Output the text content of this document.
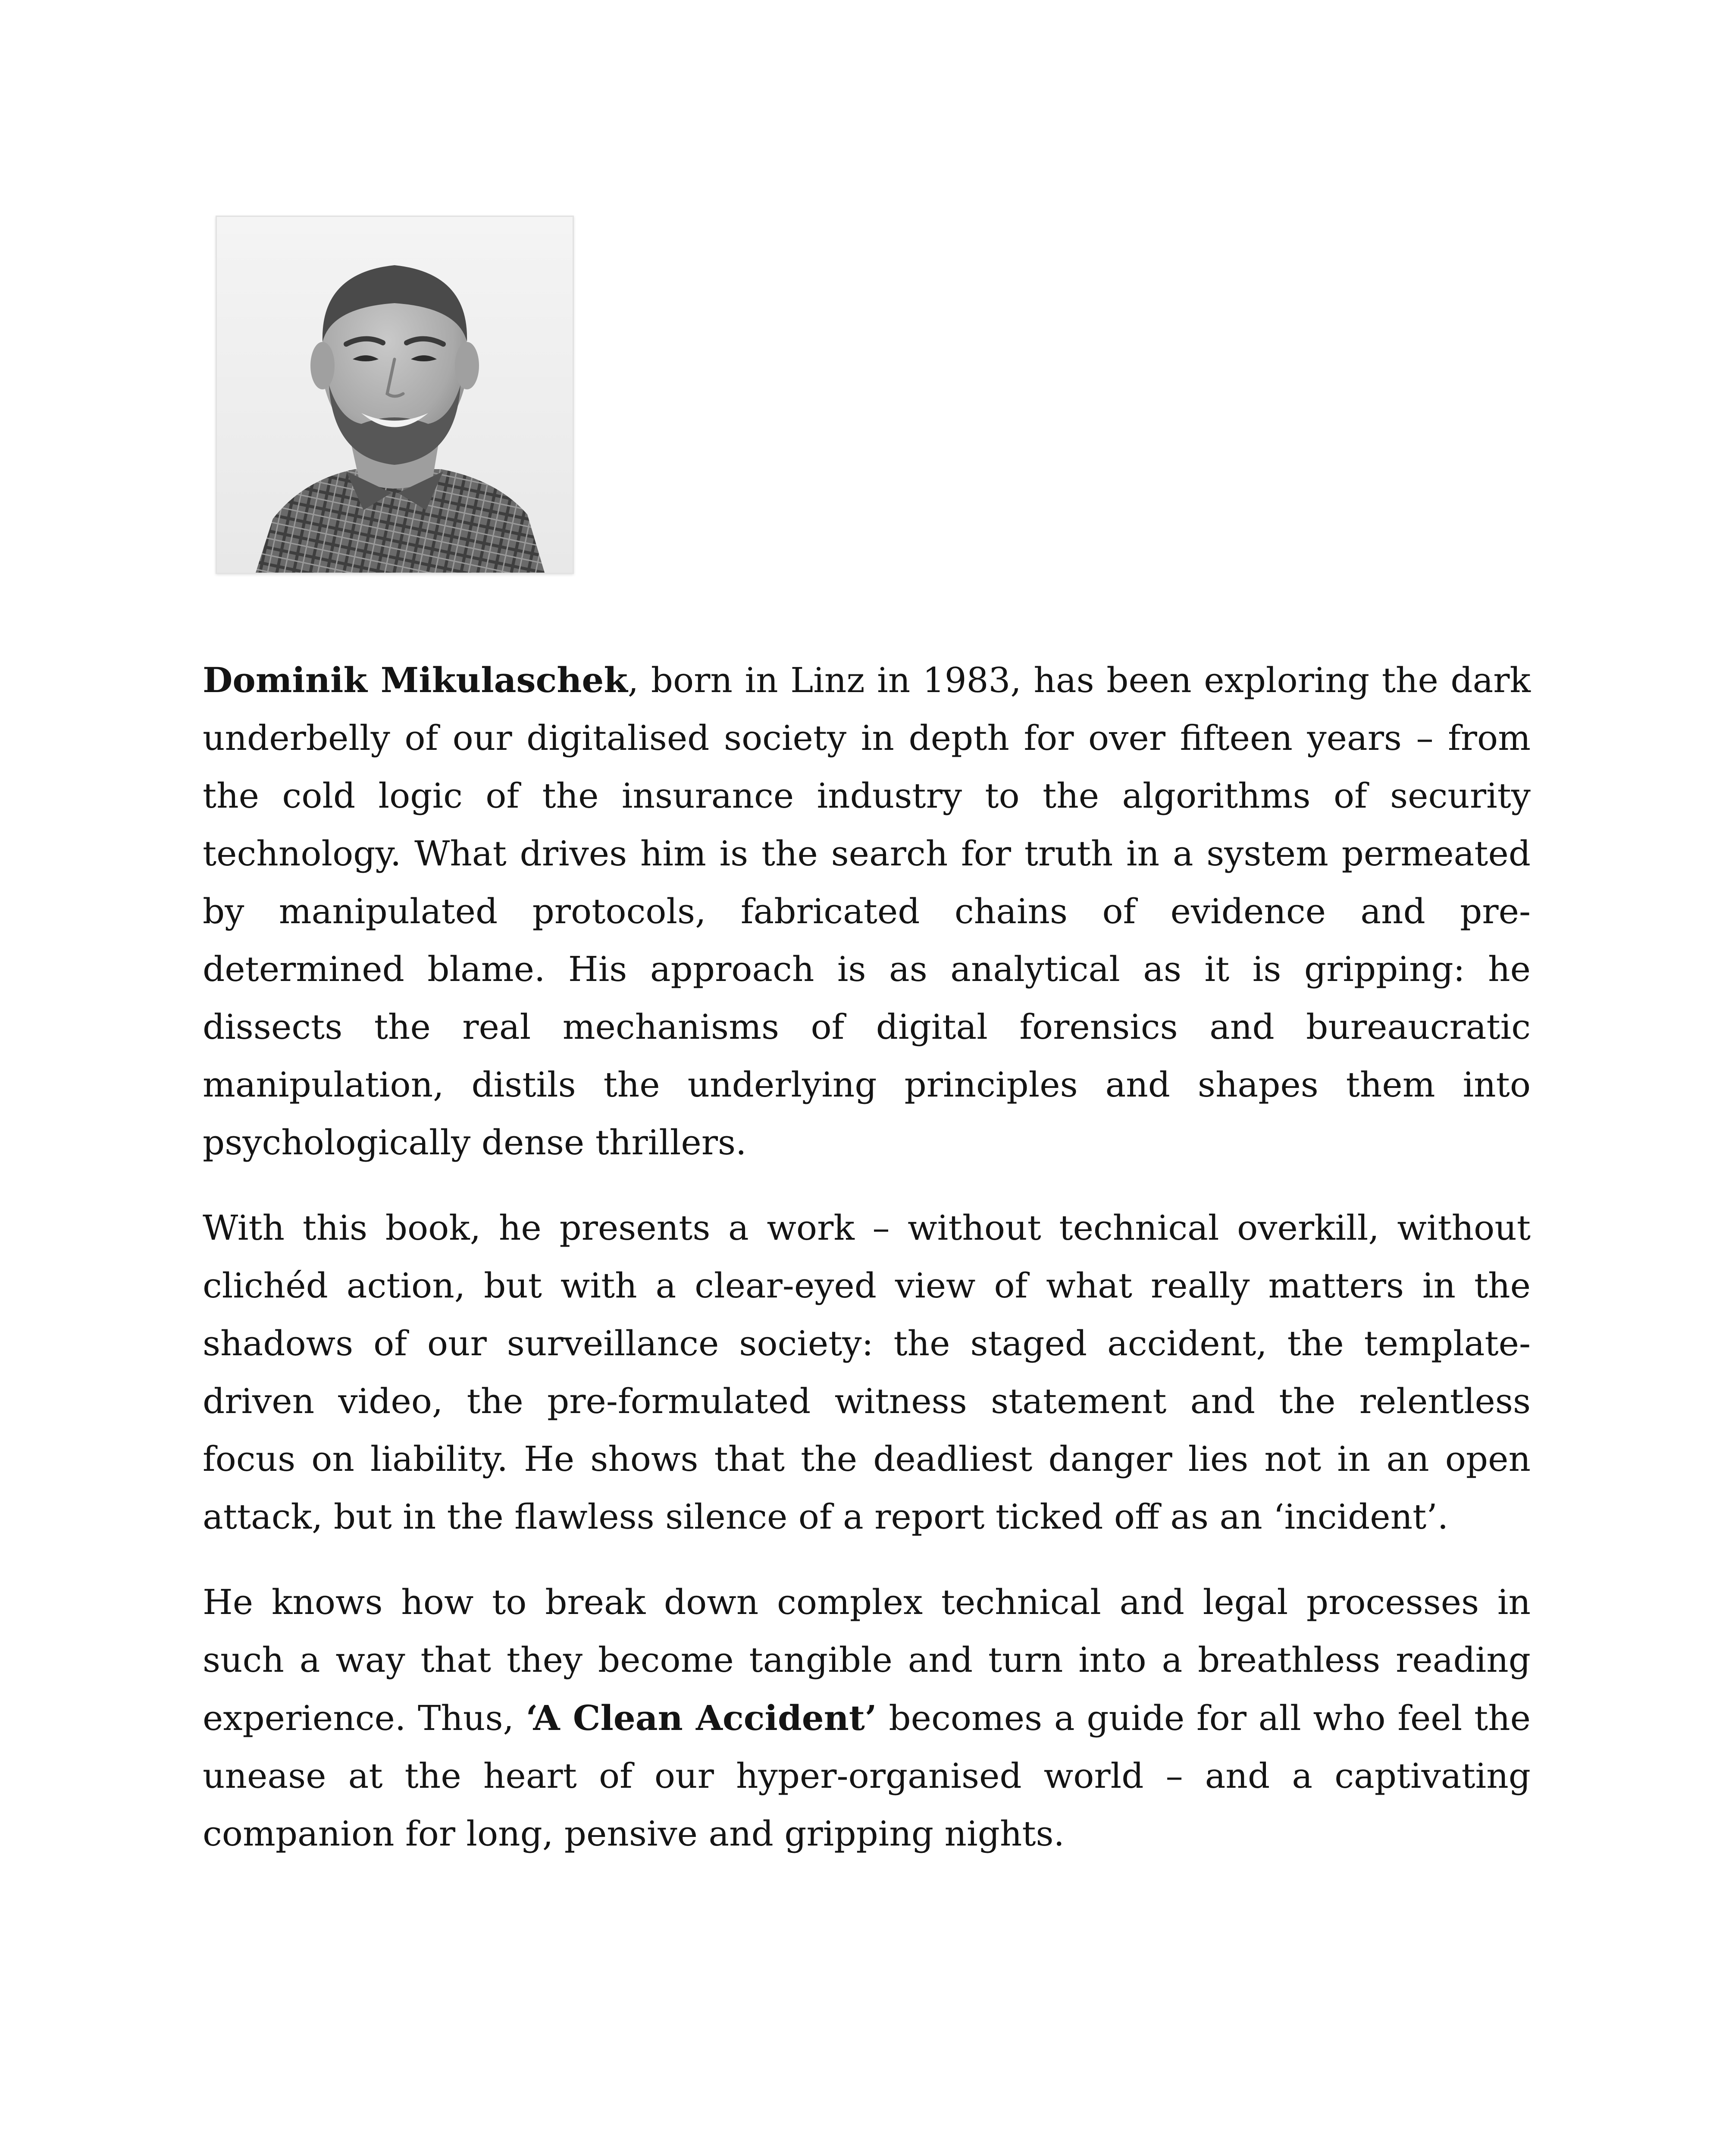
Dominik Mikulaschek, born in Linz in 1983, has been exploring the dark underbelly of our digitalised society in depth for over fifteen years – from the cold logic of the insurance industry to the algorithms of security technology. What drives him is the search for truth in a system permeated by manipulated protocols, fabricated chains of evidence and pre-determined blame. His approach is as analytical as it is gripping: he dissects the real mechanisms of digital forensics and bureaucratic manipulation, distils the underlying principles and shapes them into psychologically dense thrillers.

With this book, he presents a work – without technical overkill, without clichéd action, but with a clear-eyed view of what really matters in the shadows of our surveillance society: the staged accident, the template-driven video, the pre-formulated witness statement and the relentless focus on liability. He shows that the deadliest danger lies not in an open attack, but in the flawless silence of a report ticked off as an ‘incident’.

He knows how to break down complex technical and legal processes in such a way that they become tangible and turn into a breathless reading experience. Thus, ‘A Clean Accident’ becomes a guide for all who feel the unease at the heart of our hyper-organised world – and a captivating companion for long, pensive and gripping nights.
